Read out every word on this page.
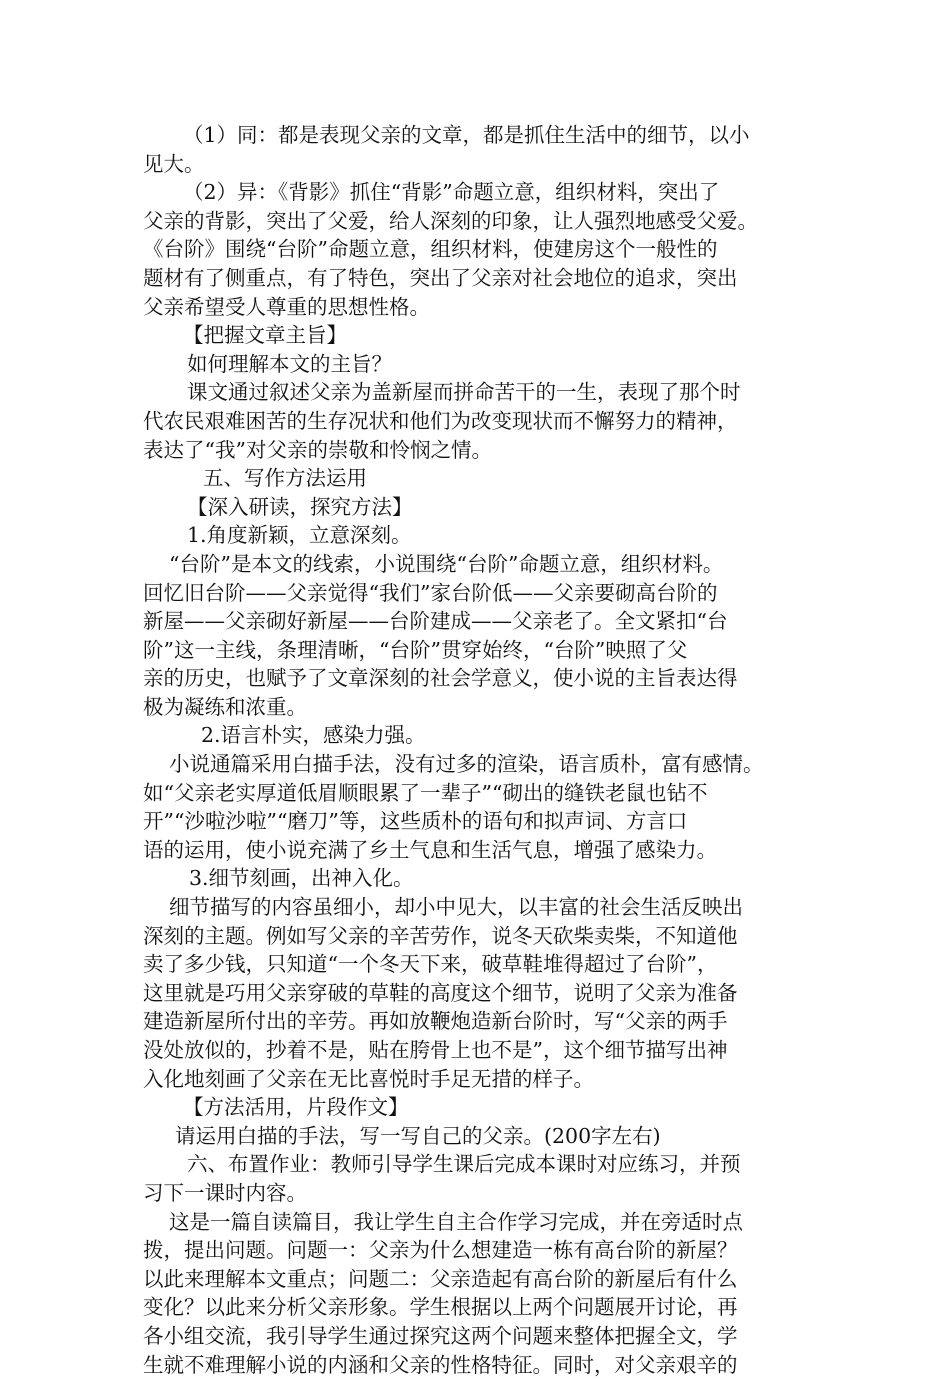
（1）同：都是表现父亲的文章，都是抓住生活中的细节，以小
见大。
（2）异：《背影》抓住“背影”命题立意，组织材料，突出了
父亲的背影，突出了父爱，给人深刻的印象，让人强烈地感受父爱。
《台阶》围绕“台阶”命题立意，组织材料，使建房这个一般性的
题材有了侧重点，有了特色，突出了父亲对社会地位的追求，突出
父亲希望受人尊重的思想性格。
【把握文章主旨】
如何理解本文的主旨？
课文通过叙述父亲为盖新屋而拼命苦干的一生，表现了那个时
代农民艰难困苦的生存况状和他们为改变现状而不懈努力的精神，
表达了“我”对父亲的崇敬和怜悯之情。
五、写作方法运用
【深入研读，探究方法】
1.角度新颖，立意深刻。
“台阶”是本文的线索，小说围绕“台阶”命题立意，组织材料。
回忆旧台阶——父亲觉得“我们”家台阶低——父亲要砌高台阶的
新屋——父亲砌好新屋——台阶建成——父亲老了。全文紧扣“台
阶”这一主线，条理清晰，“台阶”贯穿始终，“台阶”映照了父
亲的历史，也赋予了文章深刻的社会学意义，使小说的主旨表达得
极为凝练和浓重。
2.语言朴实，感染力强。
小说通篇采用白描手法，没有过多的渲染，语言质朴，富有感情。
如“父亲老实厚道低眉顺眼累了一辈子”“砌出的缝铁老鼠也钻不
开”“沙啦沙啦”“磨刀”等，这些质朴的语句和拟声词、方言口
语的运用，使小说充满了乡土气息和生活气息，增强了感染力。
3.细节刻画，出神入化。
细节描写的内容虽细小，却小中见大，以丰富的社会生活反映出
深刻的主题。例如写父亲的辛苦劳作，说冬天砍柴卖柴，不知道他
卖了多少钱，只知道“一个冬天下来，破草鞋堆得超过了台阶”，
这里就是巧用父亲穿破的草鞋的高度这个细节，说明了父亲为准备
建造新屋所付出的辛劳。再如放鞭炮造新台阶时，写“父亲的两手
没处放似的，抄着不是，贴在胯骨上也不是”，这个细节描写出神
入化地刻画了父亲在无比喜悦时手足无措的样子。
【方法活用，片段作文】
请运用白描的手法，写一写自己的父亲。(200字左右)
六、布置作业：教师引导学生课后完成本课时对应练习，并预
习下一课时内容。
这是一篇自读篇目，我让学生自主合作学习完成，并在旁适时点
拨，提出问题。问题一：父亲为什么想建造一栋有高台阶的新屋？
以此来理解本文重点；问题二：父亲造起有高台阶的新屋后有什么
变化？以此来分析父亲形象。学生根据以上两个问题展开讨论，再
各小组交流，我引导学生通过探究这两个问题来整体把握全文，学
生就不难理解小说的内涵和父亲的性格特征。同时，对父亲艰辛的
